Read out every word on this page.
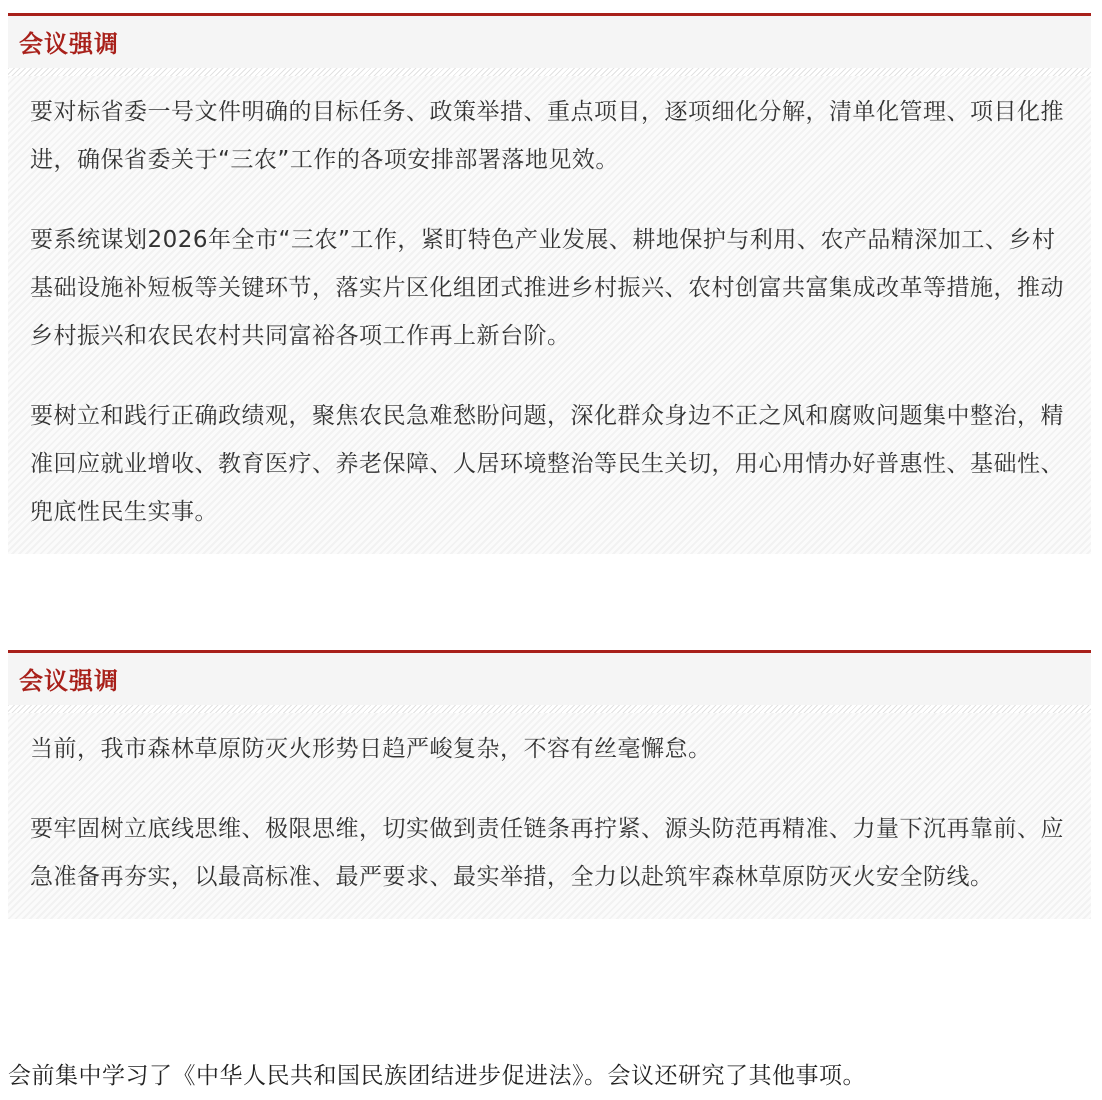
会议强调

要对标省委一号文件明确的目标任务、政策举措、重点项目，逐项细化分解，清单化管理、项目化推进，确保省委关于“三农”工作的各项安排部署落地见效。

要系统谋划2026年全市“三农”工作，紧盯特色产业发展、耕地保护与利用、农产品精深加工、乡村基础设施补短板等关键环节，落实片区化组团式推进乡村振兴、农村创富共富集成改革等措施，推动乡村振兴和农民农村共同富裕各项工作再上新台阶。

要树立和践行正确政绩观，聚焦农民急难愁盼问题，深化群众身边不正之风和腐败问题集中整治，精准回应就业增收、教育医疗、养老保障、人居环境整治等民生关切，用心用情办好普惠性、基础性、兜底性民生实事。

会议强调

当前，我市森林草原防灭火形势日趋严峻复杂，不容有丝毫懈怠。

要牢固树立底线思维、极限思维，切实做到责任链条再拧紧、源头防范再精准、力量下沉再靠前、应急准备再夯实，以最高标准、最严要求、最实举措，全力以赴筑牢森林草原防灭火安全防线。

会前集中学习了《中华人民共和国民族团结进步促进法》。会议还研究了其他事项。
